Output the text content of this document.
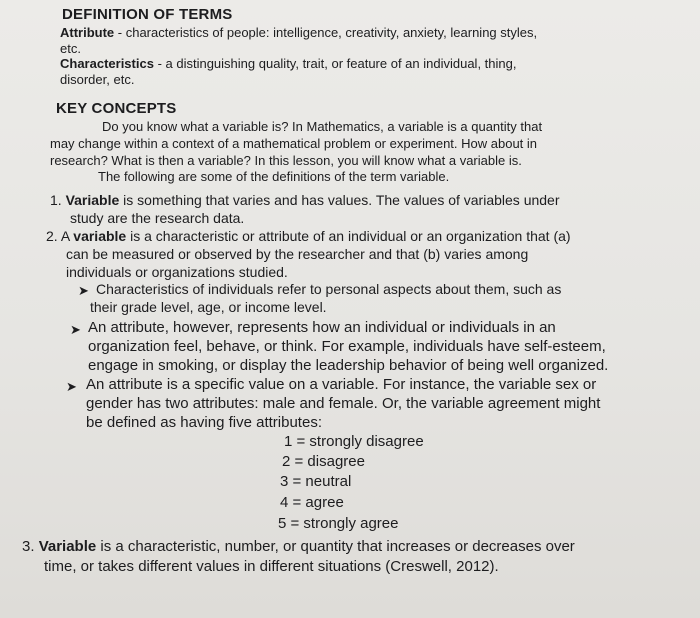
DEFINITION OF TERMS

Attribute - characteristics of people: intelligence, creativity, anxiety, learning styles,

etc.

Characteristics - a distinguishing quality, trait, or feature of an individual, thing,

disorder, etc.

KEY CONCEPTS

Do you know what a variable is? In Mathematics, a variable is a quantity that

may change within a context of a mathematical problem or experiment. How about in

research? What is then a variable? In this lesson, you will know what a variable is.

The following are some of the definitions of the term variable.

1. Variable is something that varies and has values. The values of variables under

study are the research data.

2. A variable is a characteristic or attribute of an individual or an organization that (a)

can be measured or observed by the researcher and that (b) varies among

individuals or organizations studied.

➤ Characteristics of individuals refer to personal aspects about them, such as

their grade level, age, or income level.

➤ An attribute, however, represents how an individual or individuals in an

organization feel, behave, or think. For example, individuals have self-esteem,

engage in smoking, or display the leadership behavior of being well organized.

➤ An attribute is a specific value on a variable. For instance, the variable sex or

gender has two attributes: male and female. Or, the variable agreement might

be defined as having five attributes:

1 = strongly disagree

2 = disagree

3 = neutral

4 = agree

5 = strongly agree

3. Variable is a characteristic, number, or quantity that increases or decreases over

time, or takes different values in different situations (Creswell, 2012).
